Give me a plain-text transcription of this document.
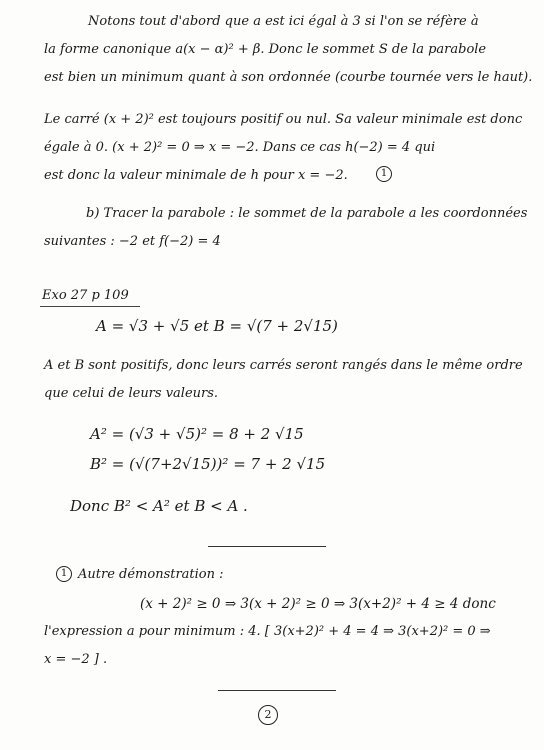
Notons tout d'abord que a est ici égal à 3 si l'on se réfère à
la forme canonique a(x − α)² + β. Donc le sommet S de la parabole
est bien un minimum quant à son ordonnée (courbe tournée vers le haut).
Le carré (x + 2)² est toujours positif ou nul. Sa valeur minimale est donc
égale à 0. (x + 2)² = 0 ⇒ x = −2. Dans ce cas h(−2) = 4 qui
est donc la valeur minimale de h pour x = −2.	1
b) Tracer la parabole : le sommet de la parabole a les coordonnées
suivantes : −2 et f(−2) = 4
Exo 27 p 109
A = √3 + √5 et B = √(7 + 2√15)
A et B sont positifs, donc leurs carrés seront rangés dans le même ordre
que celui de leurs valeurs.
A² = (√3 + √5)² = 8 + 2 √15
B² = (√(7+2√15))² = 7 + 2 √15
Donc B² < A² et B < A .
1 Autre démonstration :
(x + 2)² ≥ 0 ⇒ 3(x + 2)² ≥ 0 ⇒ 3(x+2)² + 4 ≥ 4 donc
l'expression a pour minimum : 4. [ 3(x+2)² + 4 = 4 ⇒ 3(x+2)² = 0 ⇒
x = −2 ] .
2
